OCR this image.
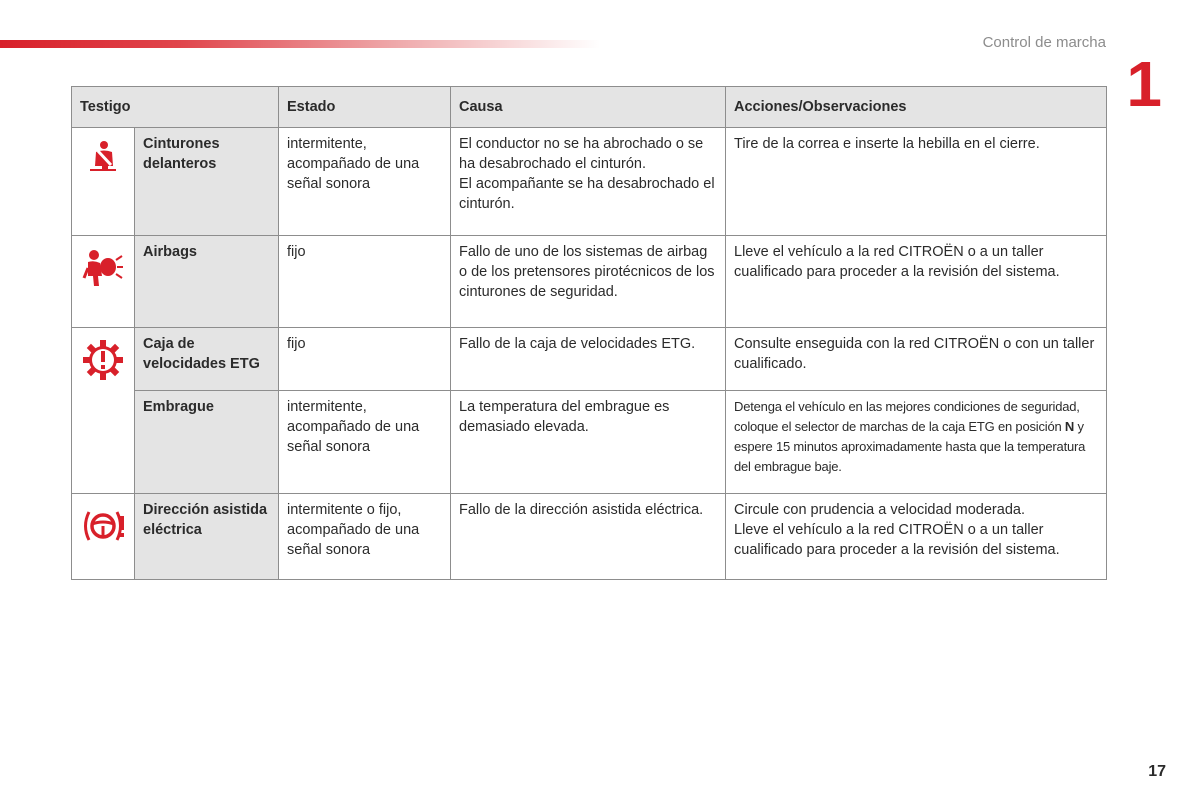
Control de marcha
1
Testigo		Estado	Causa	Acciones/Observaciones

	Cinturones delanteros	intermitente, acompañado de una señal sonora	El conductor no se ha abrochado o se ha desabrochado el cinturón.
El acompañante se ha desabrochado el cinturón.	Tire de la correa e inserte la hebilla en el cierre.

	Airbags	fijo	Fallo de uno de los sistemas de airbag o de los pretensores pirotécnicos de los cinturones de seguridad.	Lleve el vehículo a la red CITROËN o a un taller cualificado para proceder a la revisión del sistema.

	Caja de velocidades ETG	fijo	Fallo de la caja de velocidades ETG.	Consulte enseguida con la red CITROËN o con un taller cualificado.

	Embrague	intermitente, acompañado de una señal sonora	La temperatura del embrague es demasiado elevada.	Detenga el vehículo en las mejores condiciones de seguridad, coloque el selector de marchas de la caja ETG en posición N y espere 15 minutos aproximadamente hasta que la temperatura del embrague baje.

	Dirección asistida eléctrica	intermitente o fijo, acompañado de una señal sonora	Fallo de la dirección asistida eléctrica.	Circule con prudencia a velocidad moderada.
Lleve el vehículo a la red CITROËN o a un taller cualificado para proceder a la revisión del sistema.
17
